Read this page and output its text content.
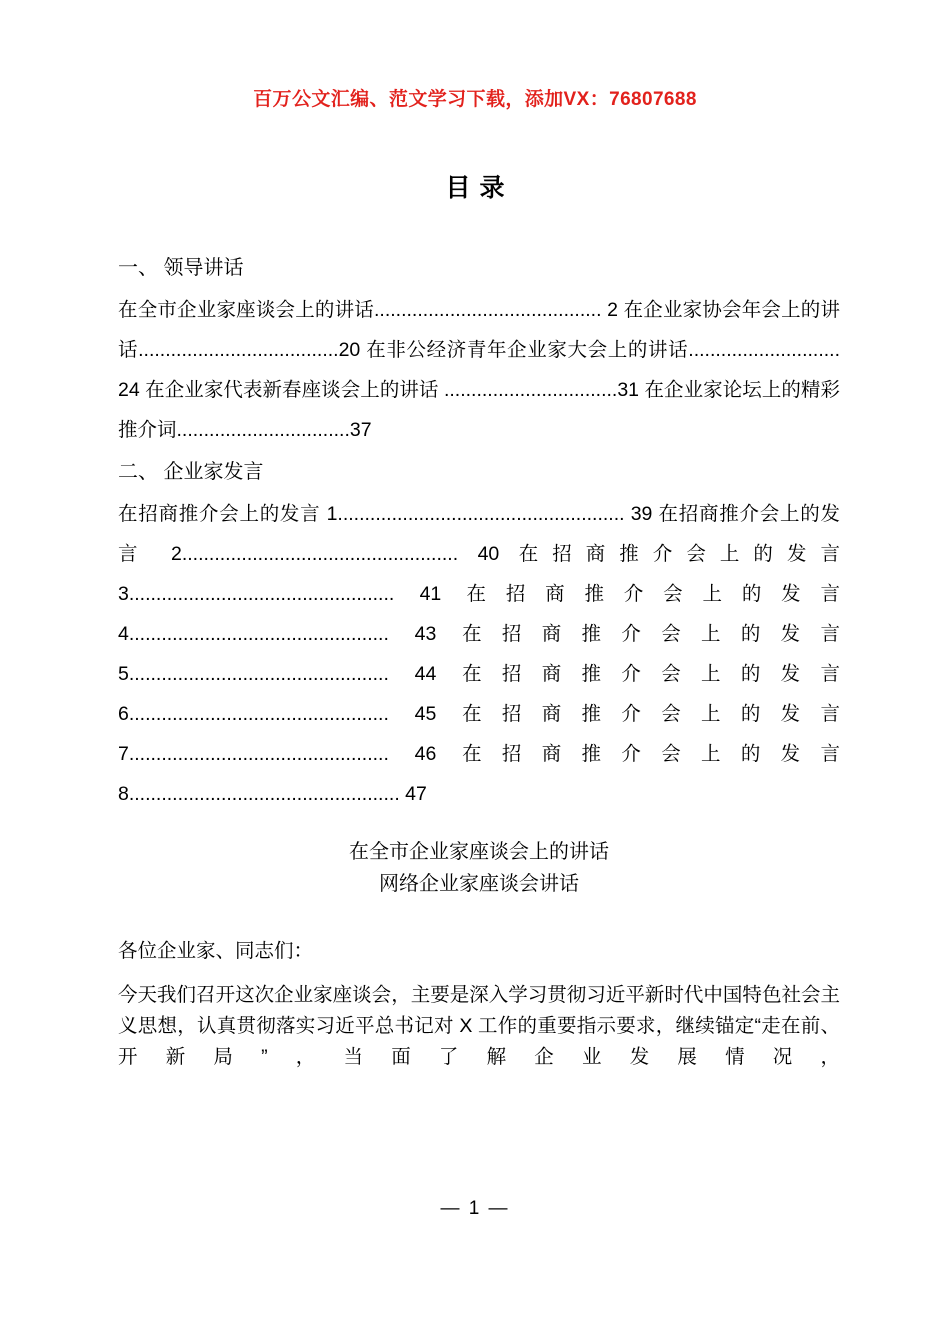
百万公文汇编、范文学习下载，添加VX：76807688
目录
一、 领导讲话

在全市企业家座谈会上的讲话.......................................... 2 在企业家协会年会上的讲话.....................................20 在非公经济青年企业家大会上的讲话............................ 24 在企业家代表新春座谈会上的讲话 ................................31 在企业家论坛上的精彩推介词................................37

二、 企业家发言

在招商推介会上的发言 1..................................................... 39 在招商推介会上的发言 2................................................... 40 在招商推介会上的发言 3................................................. 41 在招商推介会上的发言 4................................................ 43 在招商推介会上的发言 5................................................ 44 在招商推介会上的发言 6................................................ 45 在招商推介会上的发言 7................................................ 46 在招商推介会上的发言 8.................................................. 47

在全市企业家座谈会上的讲话

网络企业家座谈会讲话

各位企业家、同志们：

今天我们召开这次企业家座谈会，主要是深入学习贯彻习近平新时代中国特色社会主义思想，认真贯彻落实习近平总书记对 X 工作的重要指示要求，继续锚定“走在前、开新局”，当面了解企业发展情况，

— 1 —
